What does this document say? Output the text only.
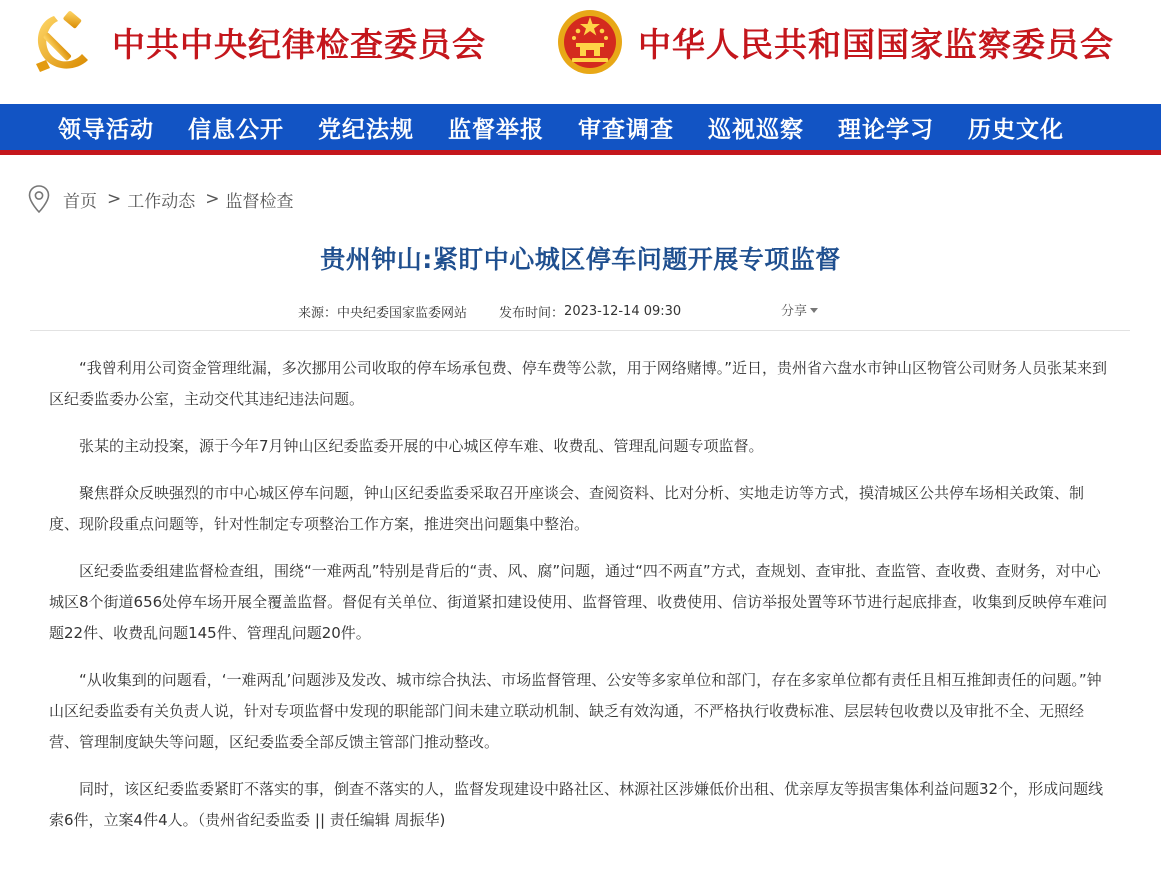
中共中央纪律检查委员会	中华人民共和国国家监察委员会
领导活动 信息公开 党纪法规 监督举报 审查调查 巡视巡察 理论学习 历史文化
首页 > 工作动态 > 监督检查
贵州钟山:紧盯中心城区停车问题开展专项监督
来源： 中央纪委国家监委网站 发布时间： 2023-12-14 09:30	分享

“我曾利用公司资金管理纰漏，多次挪用公司收取的停车场承包费、停车费等公款，用于网络赌博。”近日，贵州省六盘水市钟山区物管公司财务人员张某来到区纪委监委办公室，主动交代其违纪违法问题。

张某的主动投案，源于今年7月钟山区纪委监委开展的中心城区停车难、收费乱、管理乱问题专项监督。

聚焦群众反映强烈的市中心城区停车问题，钟山区纪委监委采取召开座谈会、查阅资料、比对分析、实地走访等方式，摸清城区公共停车场相关政策、制度、现阶段重点问题等，针对性制定专项整治工作方案，推进突出问题集中整治。

区纪委监委组建监督检查组，围绕“一难两乱”特别是背后的“责、风、腐”问题，通过“四不两直”方式，查规划、查审批、查监管、查收费、查财务，对中心城区8个街道656处停车场开展全覆盖监督。督促有关单位、街道紧扣建设使用、监督管理、收费使用、信访举报处置等环节进行起底排查，收集到反映停车难问题22件、收费乱问题145件、管理乱问题20件。

“从收集到的问题看，‘一难两乱’问题涉及发改、城市综合执法、市场监督管理、公安等多家单位和部门，存在多家单位都有责任且相互推卸责任的问题。”钟山区纪委监委有关负责人说，针对专项监督中发现的职能部门间未建立联动机制、缺乏有效沟通，不严格执行收费标准、层层转包收费以及审批不全、无照经营、管理制度缺失等问题，区纪委监委全部反馈主管部门推动整改。

同时，该区纪委监委紧盯不落实的事，倒查不落实的人，监督发现建设中路社区、林源社区涉嫌低价出租、优亲厚友等损害集体利益问题32个，形成问题线索6件，立案4件4人。（贵州省纪委监委 || 责任编辑 周振华)
